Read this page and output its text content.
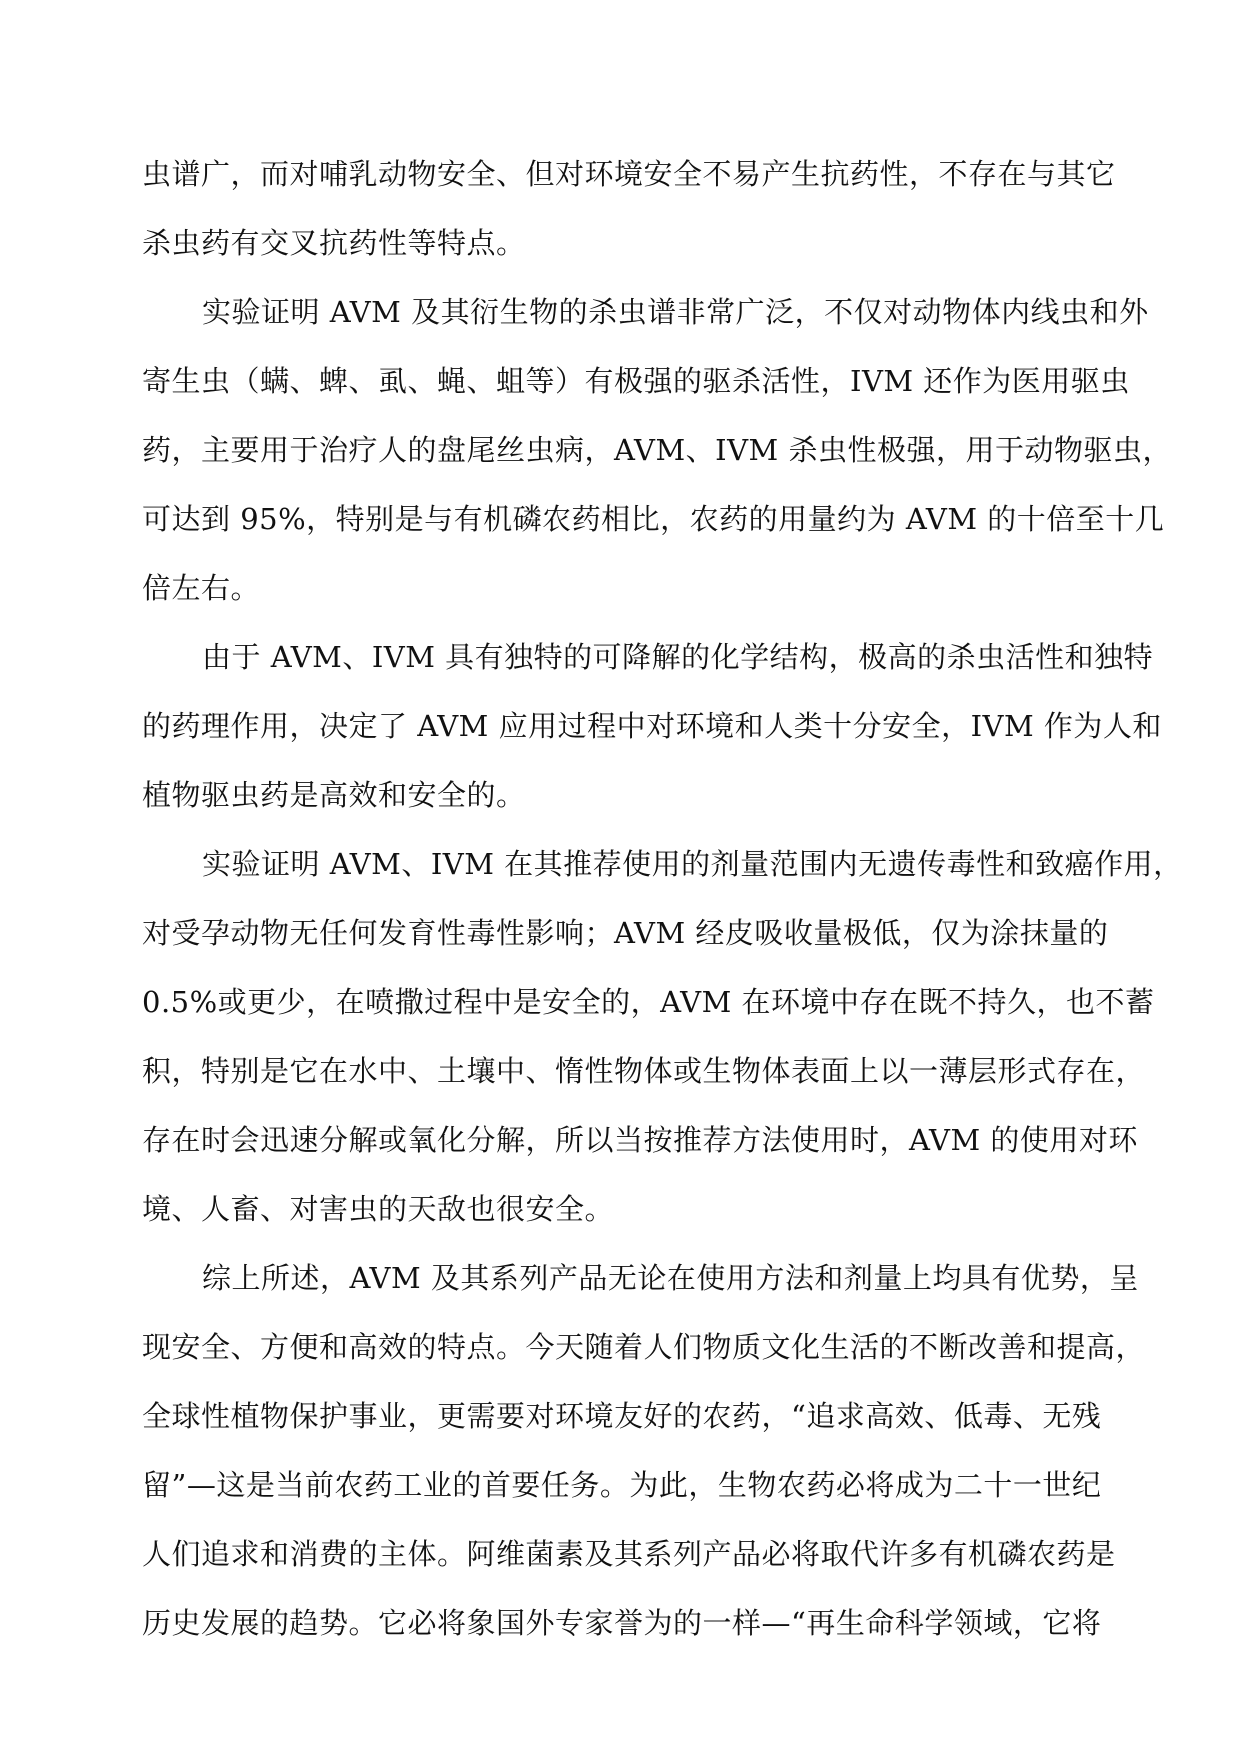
虫谱广，而对哺乳动物安全、但对环境安全不易产生抗药性，不存在与其它
杀虫药有交叉抗药性等特点。
实验证明 AVM 及其衍生物的杀虫谱非常广泛，不仅对动物体内线虫和外
寄生虫（螨、蜱、虱、蝇、蛆等）有极强的驱杀活性，IVM 还作为医用驱虫
药，主要用于治疗人的盘尾丝虫病，AVM、IVM 杀虫性极强，用于动物驱虫，
可达到 95%，特别是与有机磷农药相比，农药的用量约为 AVM 的十倍至十几
倍左右。
由于 AVM、IVM 具有独特的可降解的化学结构，极高的杀虫活性和独特
的药理作用，决定了 AVM 应用过程中对环境和人类十分安全，IVM 作为人和
植物驱虫药是高效和安全的。
实验证明 AVM、IVM 在其推荐使用的剂量范围内无遗传毒性和致癌作用，
对受孕动物无任何发育性毒性影响；AVM 经皮吸收量极低，仅为涂抹量的
0.5%或更少，在喷撒过程中是安全的，AVM 在环境中存在既不持久，也不蓄
积，特别是它在水中、土壤中、惰性物体或生物体表面上以一薄层形式存在，
存在时会迅速分解或氧化分解，所以当按推荐方法使用时，AVM 的使用对环
境、人畜、对害虫的天敌也很安全。
综上所述，AVM 及其系列产品无论在使用方法和剂量上均具有优势，呈
现安全、方便和高效的特点。今天随着人们物质文化生活的不断改善和提高，
全球性植物保护事业，更需要对环境友好的农药，“追求高效、低毒、无残
留”—这是当前农药工业的首要任务。为此，生物农药必将成为二十一世纪
人们追求和消费的主体。阿维菌素及其系列产品必将取代许多有机磷农药是
历史发展的趋势。它必将象国外专家誉为的一样—“再生命科学领域，它将
